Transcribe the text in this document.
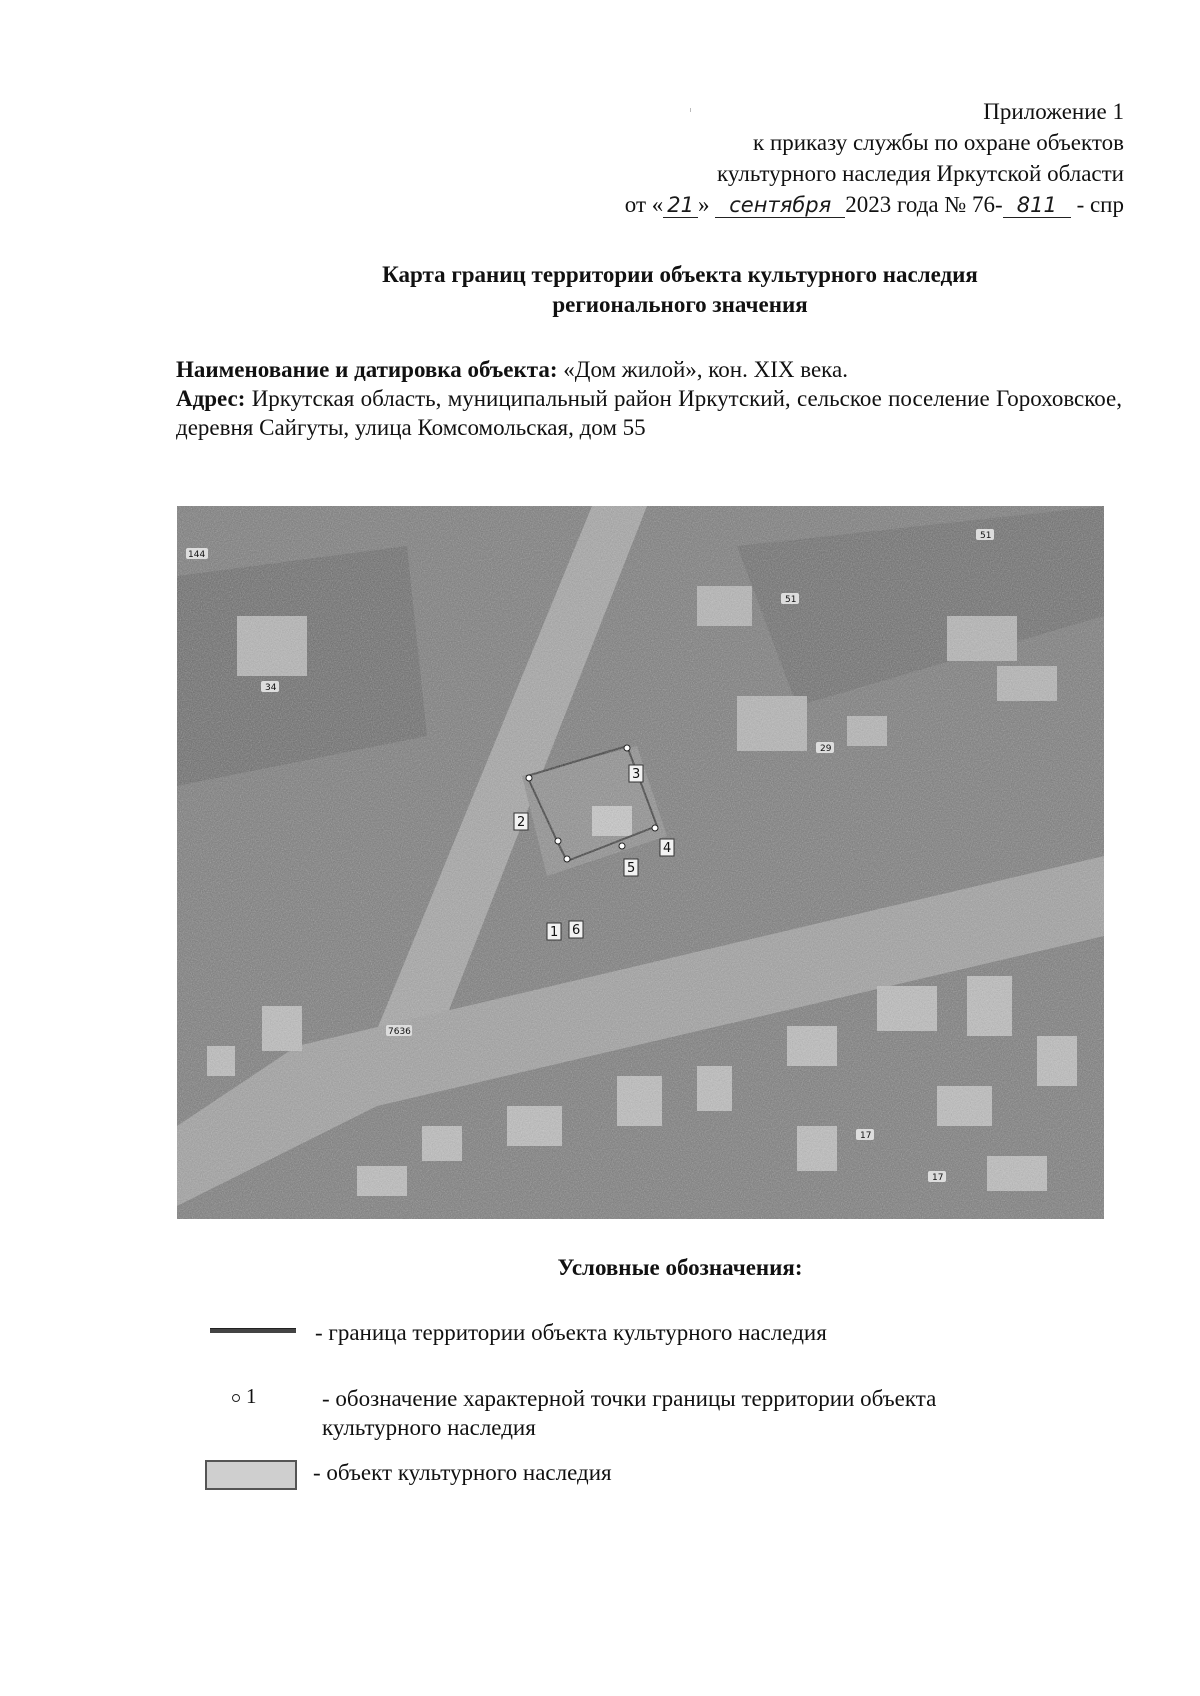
Приложение 1
к приказу службы по охране объектов
культурного наследия Иркутской области
от « 21 » сентября 2023 года № 76- 811 - спр
Карта границ территории объекта культурного наследия
регионального значения

Наименование и датировка объекта: «Дом жилой», кон. XIX века.

Адрес: Иркутская область, муниципальный район Иркутский, сельское поселение Гороховское, деревня Сайгуты, улица Комсомольская, дом 55

144
51
51
34
29
7636
17
17
1
2
3
4
5
6
Условные обозначения:
- граница территории объекта культурного наследия
1	- обозначение характерной точки границы территории объекта
культурного наследия
- объект культурного наследия
